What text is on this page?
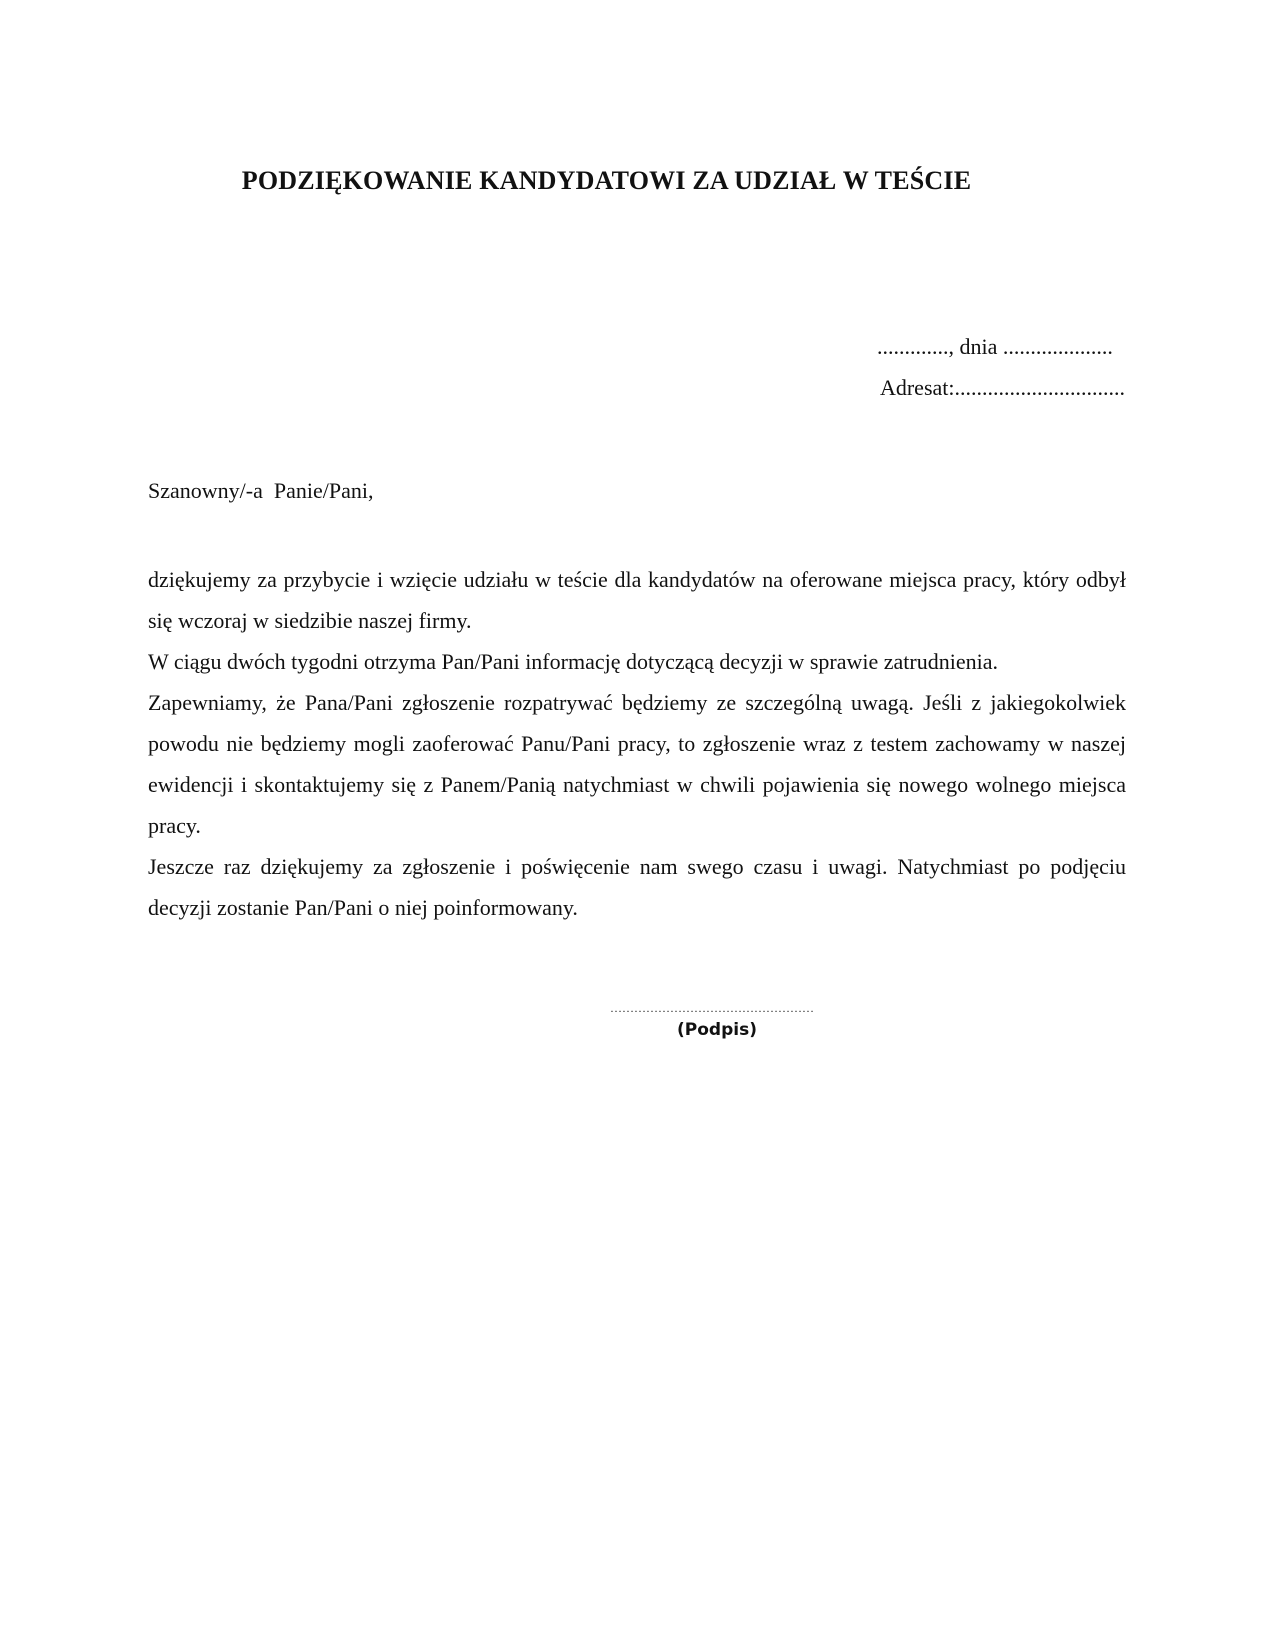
PODZIĘKOWANIE KANDYDATOWI ZA UDZIAŁ W TEŚCIE
............., dnia ....................
Adresat:...............................
Szanowny/-a  Panie/Pani,

dziękujemy za przybycie i wzięcie udziału w teście dla kandydatów na oferowane miejsca pracy, który odbył się wczoraj w siedzibie naszej firmy.

W ciągu dwóch tygodni otrzyma Pan/Pani informację dotyczącą decyzji w sprawie zatrudnienia.

Zapewniamy, że Pana/Pani zgłoszenie rozpatrywać będziemy ze szczególną uwagą. Jeśli z jakiegokolwiek powodu nie będziemy mogli zaoferować Panu/Pani pracy, to zgłoszenie wraz z testem zachowamy w naszej ewidencji i skontaktujemy się z Panem/Panią natychmiast w chwili pojawienia się nowego wolnego miejsca pracy.

Jeszcze raz dziękujemy za zgłoszenie i poświęcenie nam swego czasu i uwagi. Natychmiast po podjęciu decyzji zostanie Pan/Pani o niej poinformowany.

……………………………………………
(Podpis)
